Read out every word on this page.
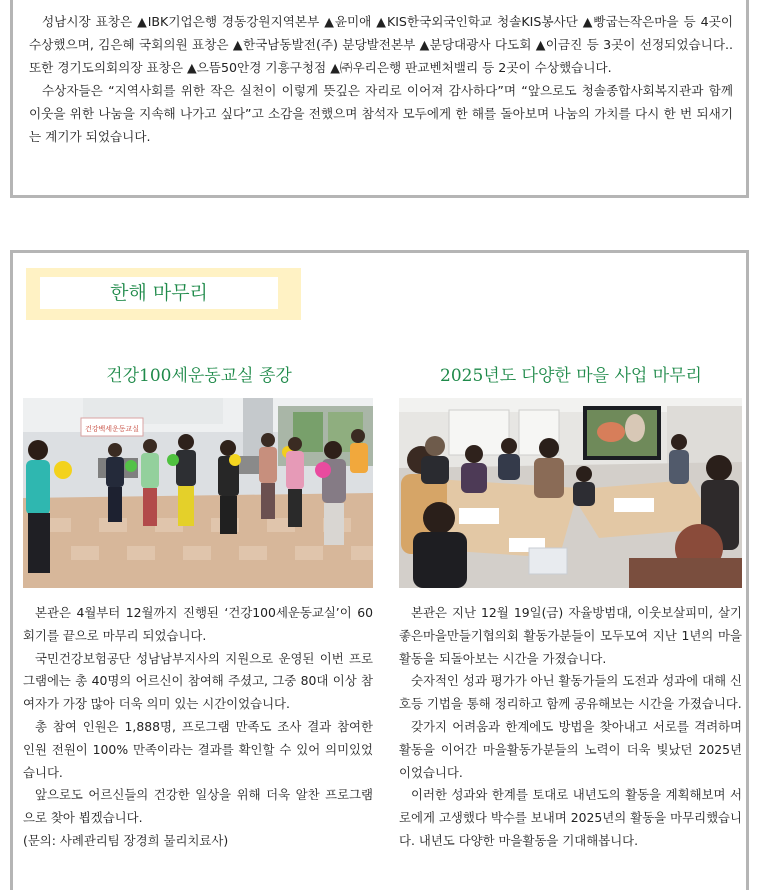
성남시장 표창은 ▲IBK기업은행 경동강원지역본부 ▲윤미애 ▲KIS한국외국인학교 청솔KIS봉사단 ▲빵굽는작은마을 등 4곳이 수상했으며, 김은혜 국회의원 표창은 ▲한국남동발전(주) 분당발전본부 ▲분당대광사 다도회 ▲이금진 등 3곳이 선정되었습니다.. 또한 경기도의회의장 표창은 ▲으뜸50안경 기흥구청점 ▲㈜우리은행 판교벤처밸리 등 2곳이 수상했습니다.

수상자들은 “지역사회를 위한 작은 실천이 이렇게 뜻깊은 자리로 이어져 감사하다”며 “앞으로도 청솔종합사회복지관과 함께 이웃을 위한 나눔을 지속해 나가고 싶다”고 소감을 전했으며 참석자 모두에게 한 해를 돌아보며 나눔의 가치를 다시 한 번 되새기는 계기가 되었습니다.

한해 마무리
건강100세운동교실 종강	2025년도 다양한 마을 사업 마무리
건강백세운동교실

본관은 4월부터 12월까지 진행된 ‘건강100세운동교실’이 60회기를 끝으로 마무리 되었습니다.

국민건강보험공단 성남남부지사의 지원으로 운영된 이번 프로그램에는 총 40명의 어르신이 참여해 주셨고, 그중 80대 이상 참여자가 가장 많아 더욱 의미 있는 시간이었습니다.

총 참여 인원은 1,888명, 프로그램 만족도 조사 결과 참여한 인원 전원이 100% 만족이라는 결과를 확인할 수 있어 의미있었습니다.

앞으로도 어르신들의 건강한 일상을 위해 더욱 알찬 프로그램으로 찾아 뵙겠습니다.

(문의: 사례관리팀 장경희 물리치료사)

본관은 지난 12월 19일(금) 자율방범대, 이웃보살피미, 살기좋은마을만들기협의회 활동가분들이 모두모여 지난 1년의 마을 활동을 되돌아보는 시간을 가졌습니다.

숫자적인 성과 평가가 아닌 활동가들의 도전과 성과에 대해 신호등 기법을 통해 정리하고 함께 공유해보는 시간을 가졌습니다.

갖가지 어려움과 한계에도 방법을 찾아내고 서로를 격려하며 활동을 이어간 마을활동가분들의 노력이 더욱 빛났던 2025년 이었습니다.

이러한 성과와 한계를 토대로 내년도의 활동을 계획해보며 서로에게 고생했다 박수를 보내며 2025년의 활동을 마무리했습니다. 내년도 다양한 마을활동을 기대해봅니다.
